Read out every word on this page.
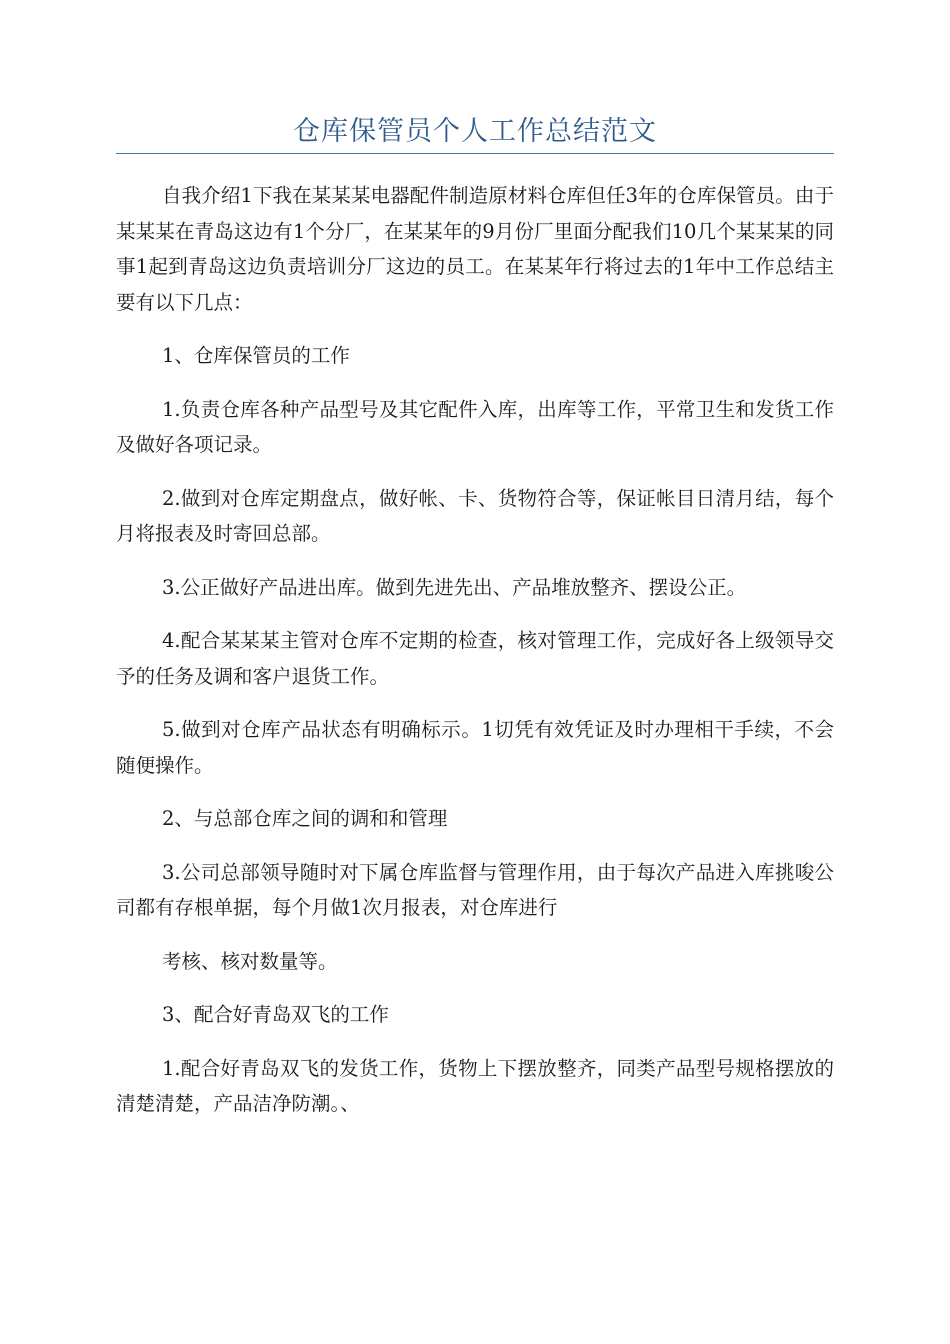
仓库保管员个人工作总结范文

自我介绍1下我在某某某电器配件制造原材料仓库但任3年的仓库保管员。由于某某某在青岛这边有1个分厂，在某某年的9月份厂里面分配我们10几个某某某的同事1起到青岛这边负责培训分厂这边的员工。在某某年行将过去的1年中工作总结主要有以下几点：

1、仓库保管员的工作

1.负责仓库各种产品型号及其它配件入库，出库等工作，平常卫生和发货工作及做好各项记录。

2.做到对仓库定期盘点，做好帐、卡、货物符合等，保证帐目日清月结，每个月将报表及时寄回总部。

3.公正做好产品进出库。做到先进先出、产品堆放整齐、摆设公正。

4.配合某某某主管对仓库不定期的检查，核对管理工作，完成好各上级领导交予的任务及调和客户退货工作。

5.做到对仓库产品状态有明确标示。1切凭有效凭证及时办理相干手续，不会随便操作。

2、与总部仓库之间的调和和管理

3.公司总部领导随时对下属仓库监督与管理作用，由于每次产品进入库挑唆公司都有存根单据，每个月做1次月报表，对仓库进行

考核、核对数量等。

3、配合好青岛双飞的工作

1.配合好青岛双飞的发货工作，货物上下摆放整齐，同类产品型号规格摆放的清楚清楚，产品洁净防潮。、
